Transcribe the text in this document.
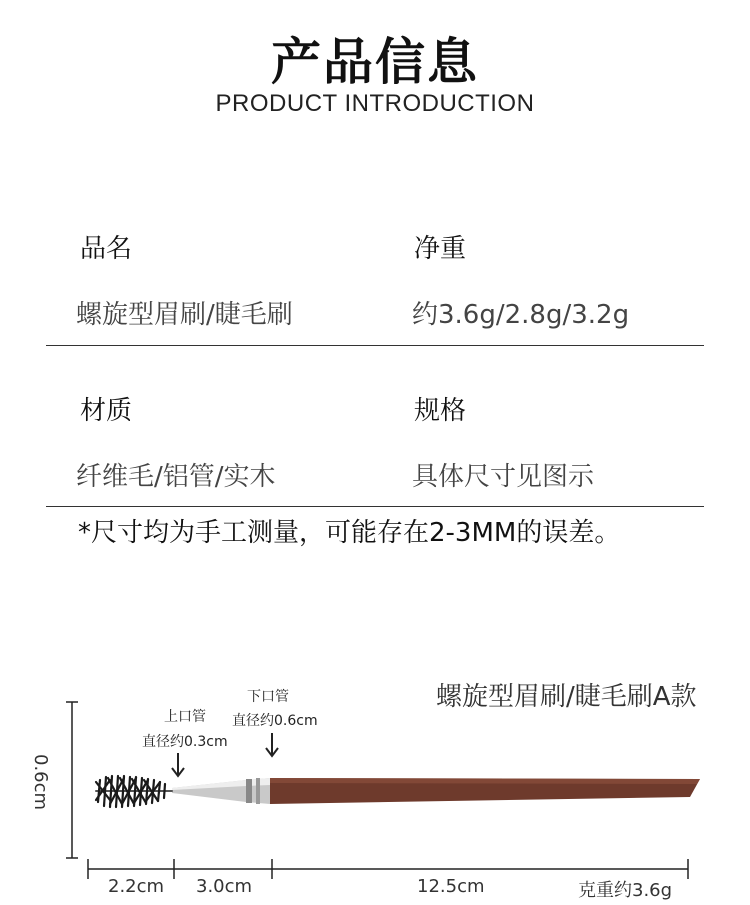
产品信息
PRODUCT INTRODUCTION
品名	净重
螺旋型眉刷/睫毛刷	约3.6g/2.8g/3.2g
材质	规格
纤维毛/铝管/实木	具体尺寸见图示
*尺寸均为手工测量，可能存在2-3MM的误差。
螺旋型眉刷/睫毛刷A款
上口管
直径约0.3cm
下口管
直径约0.6cm
0.6cm
2.2cm 3.0cm	12.5cm	克重约3.6g
